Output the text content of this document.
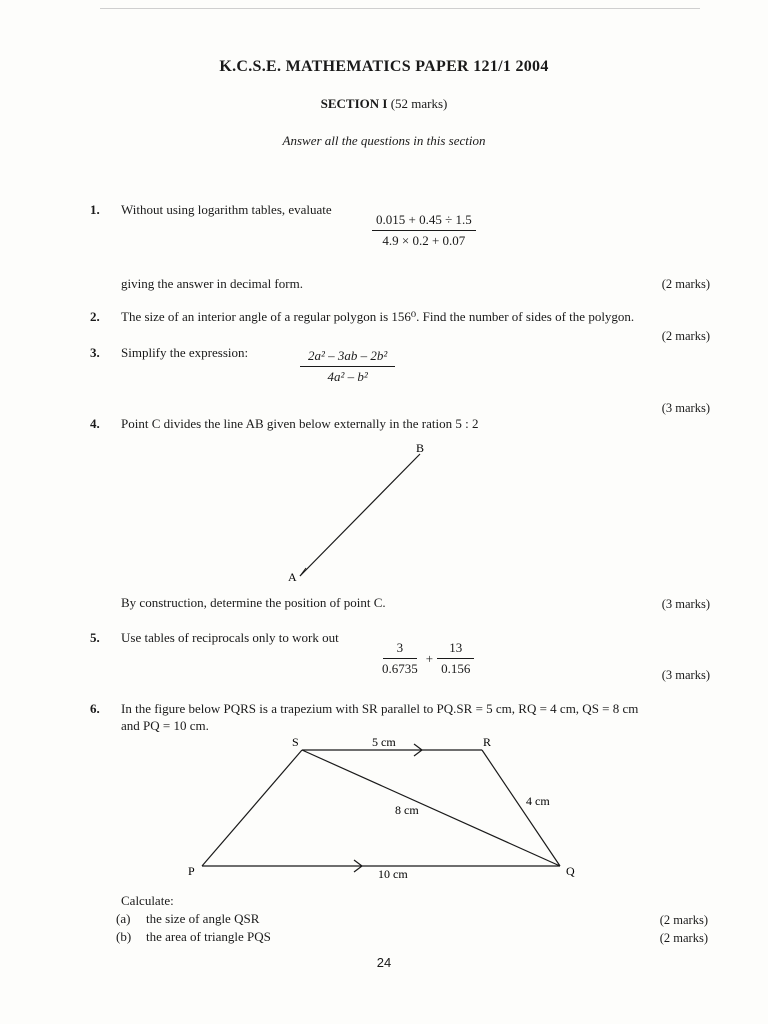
K.C.S.E. MATHEMATICS PAPER 121/1 2004
SECTION I (52 marks)
Answer all the questions in this section
1.	Without using logarithm tables, evaluate
$\frac{0.015 + 0.45 \div 1.5}{4.9 \times 0.2 + 0.07}$
giving the answer in decimal form.	(2 marks)
2.	The size of an interior angle of a regular polygon is 156⁰. Find the number of sides of the polygon.
(2 marks)
3.	Simplify the expression:	$\frac{\text{2a² – 3ab – 2b²}}{\text{4a² – b²}}$
(3 marks)
4.	Point C divides the line AB given below externally in the ration 5 : 2
A
B
By construction, determine the position of point C.	(3 marks)
5.	Use tables of reciprocals only to work out
$\frac{3}{0.6735} + \frac{13}{0.156}$	(3 marks)
6.	In the figure below PQRS is a trapezium with SR parallel to PQ.SR = 5 cm, RQ = 4 cm, QS = 8 cm
and PQ = 10 cm.
S	R
P	Q
5 cm
4 cm
8 cm
10 cm
Calculate:
(a) the size of angle QSR	(2 marks)
(b) the area of triangle PQS	(2 marks)
24
